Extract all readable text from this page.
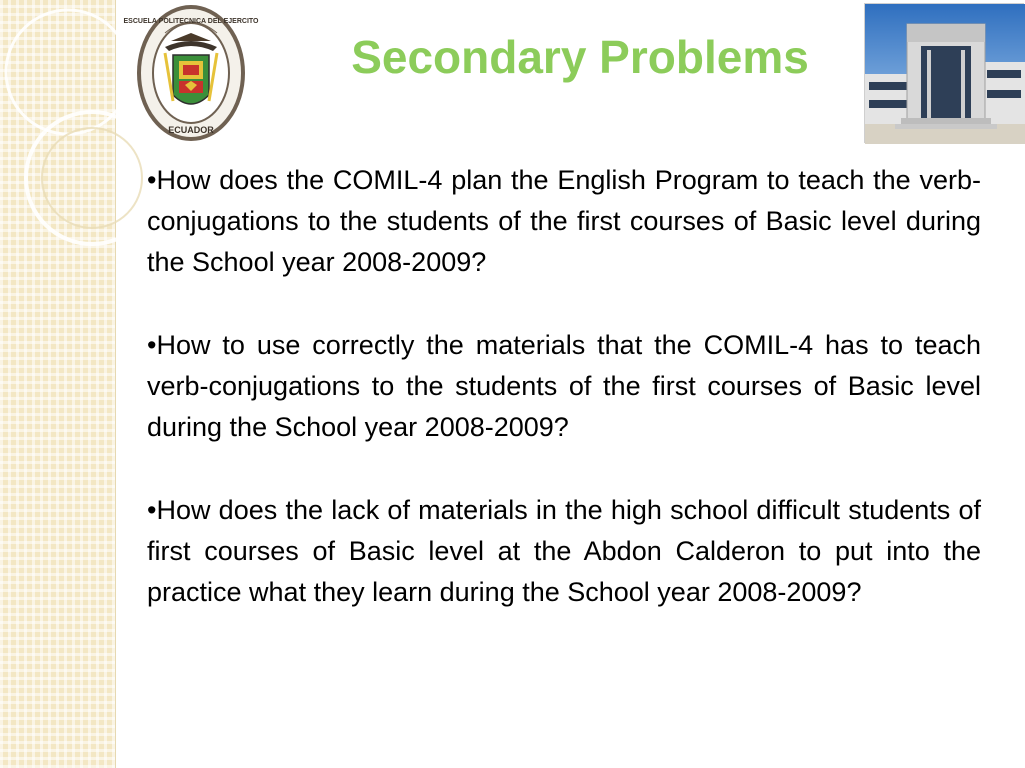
ESCUELA POLITECNICA DEL EJERCITO
ECUADOR
Secondary Problems

•How does the COMIL-4 plan the English Program to teach the verb-conjugations to the students of the first courses of Basic level during the School year 2008-2009?

•How to use correctly the materials that the COMIL-4 has to teach verb-conjugations to the students of the first courses of Basic level during the School year 2008-2009?

•How does the lack of materials in the high school difficult students of first courses of Basic level at the Abdon Calderon to put into the practice what they learn during the School year 2008-2009?
